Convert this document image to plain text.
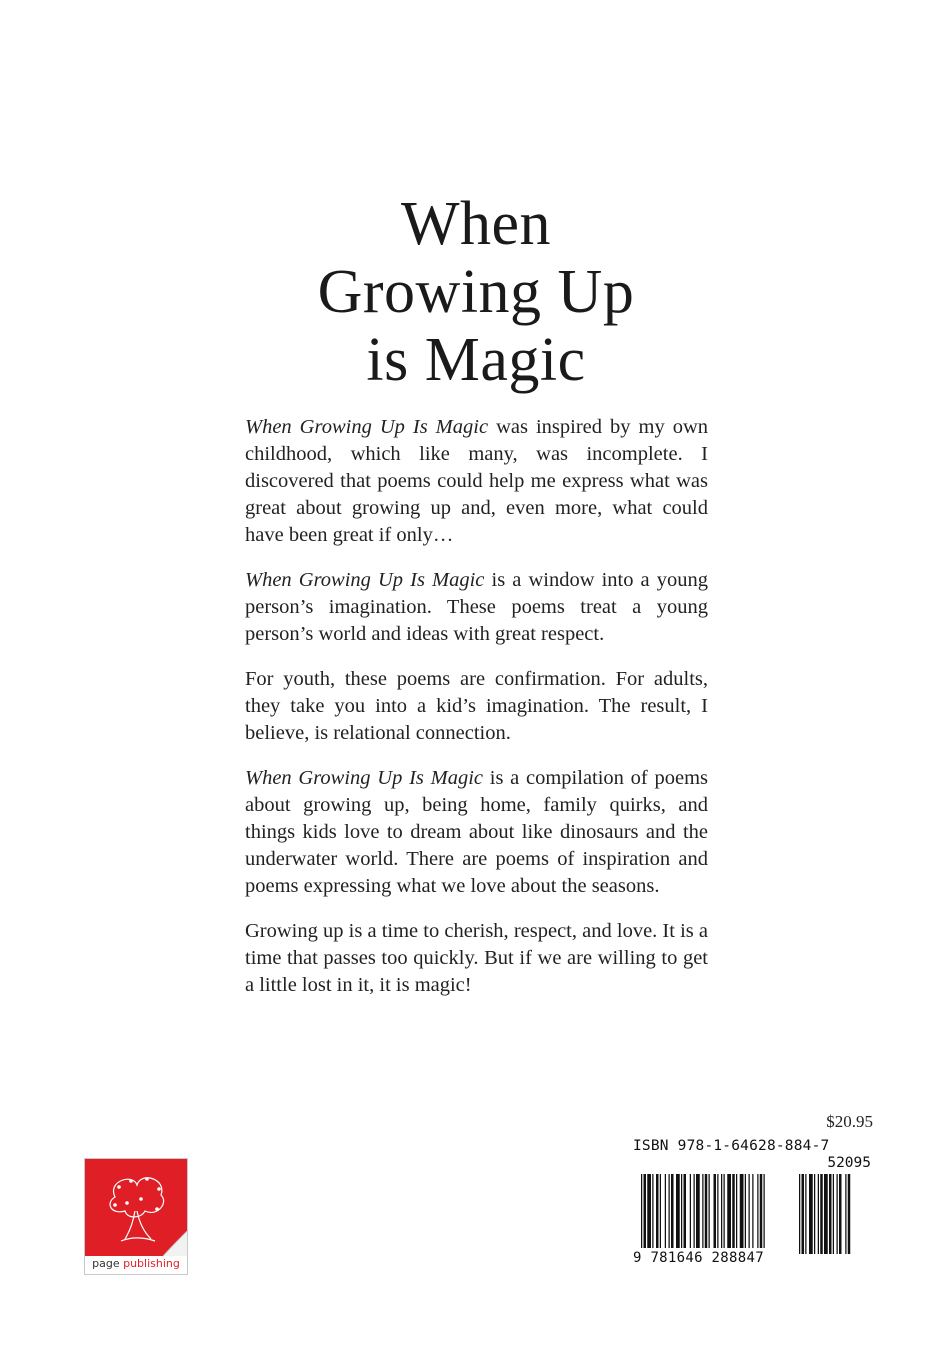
When
Growing Up
is Magic

When Growing Up Is Magic was inspired by my own childhood, which like many, was incomplete. I discovered that poems could help me express what was great about growing up and, even more, what could have been great if only…

When Growing Up Is Magic is a window into a young person’s imagination. These poems treat a young person’s world and ideas with great respect.

For youth, these poems are confirmation. For adults, they take you into a kid’s imagination. The result, I believe, is relational connection.

When Growing Up Is Magic is a compilation of poems about growing up, being home, family quirks, and things kids love to dream about like dinosaurs and the underwater world. There are poems of inspiration and poems expressing what we love about the seasons.

Growing up is a time to cherish, respect, and love. It is a time that passes too quickly. But if we are willing to get a little lost in it, it is magic!

$20.95
ISBN 978-1-64628-884-7
52095
9 781646 288847
page publishing
